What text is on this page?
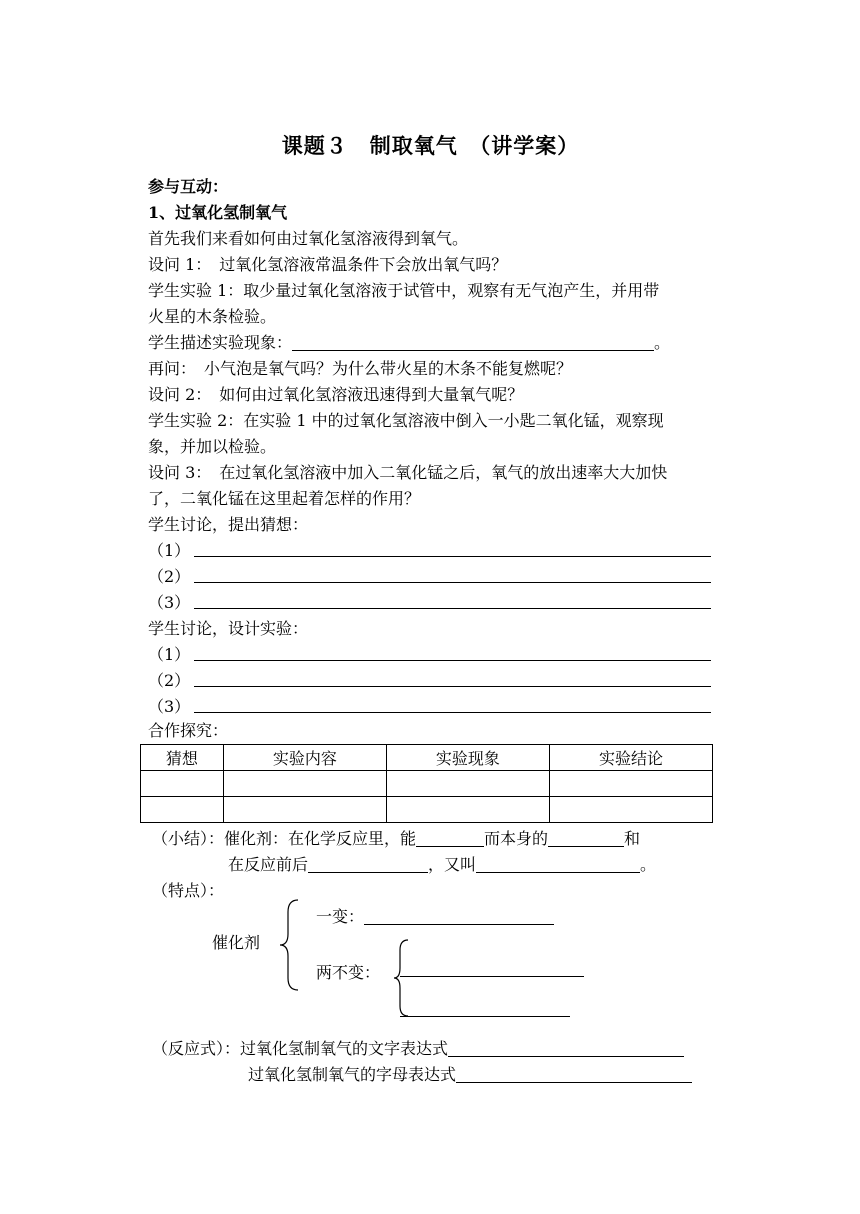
课题３　制取氧气　（讲学案）
参与互动：
1、过氧化氢制氧气
首先我们来看如何由过氧化氢溶液得到氧气。
设问 1：　过氧化氢溶液常温条件下会放出氧气吗？
学生实验 1：取少量过氧化氢溶液于试管中，观察有无气泡产生，并用带
火星的木条检验。
学生描述实验现象：	。
再问：　小气泡是氧气吗？为什么带火星的木条不能复燃呢？
设问 2：　如何由过氧化氢溶液迅速得到大量氧气呢？
学生实验 2：在实验 1 中的过氧化氢溶液中倒入一小匙二氧化锰，观察现
象，并加以检验。
设问 3：　在过氧化氢溶液中加入二氧化锰之后，氧气的放出速率大大加快
了，二氧化锰在这里起着怎样的作用？
学生讨论，提出猜想：
（1）
（2）
（3）
学生讨论，设计实验：
（1）
（2）
（3）
合作探究：
猜想	实验内容	实验现象	实验结论

（小结）：催化剂：在化学反应里，能	而本身的	和
在反应前后	，又叫	。
（特点）：
催化剂
一变：
两不变：
（反应式）：过氧化氢制氧气的文字表达式
过氧化氢制氧气的字母表达式
